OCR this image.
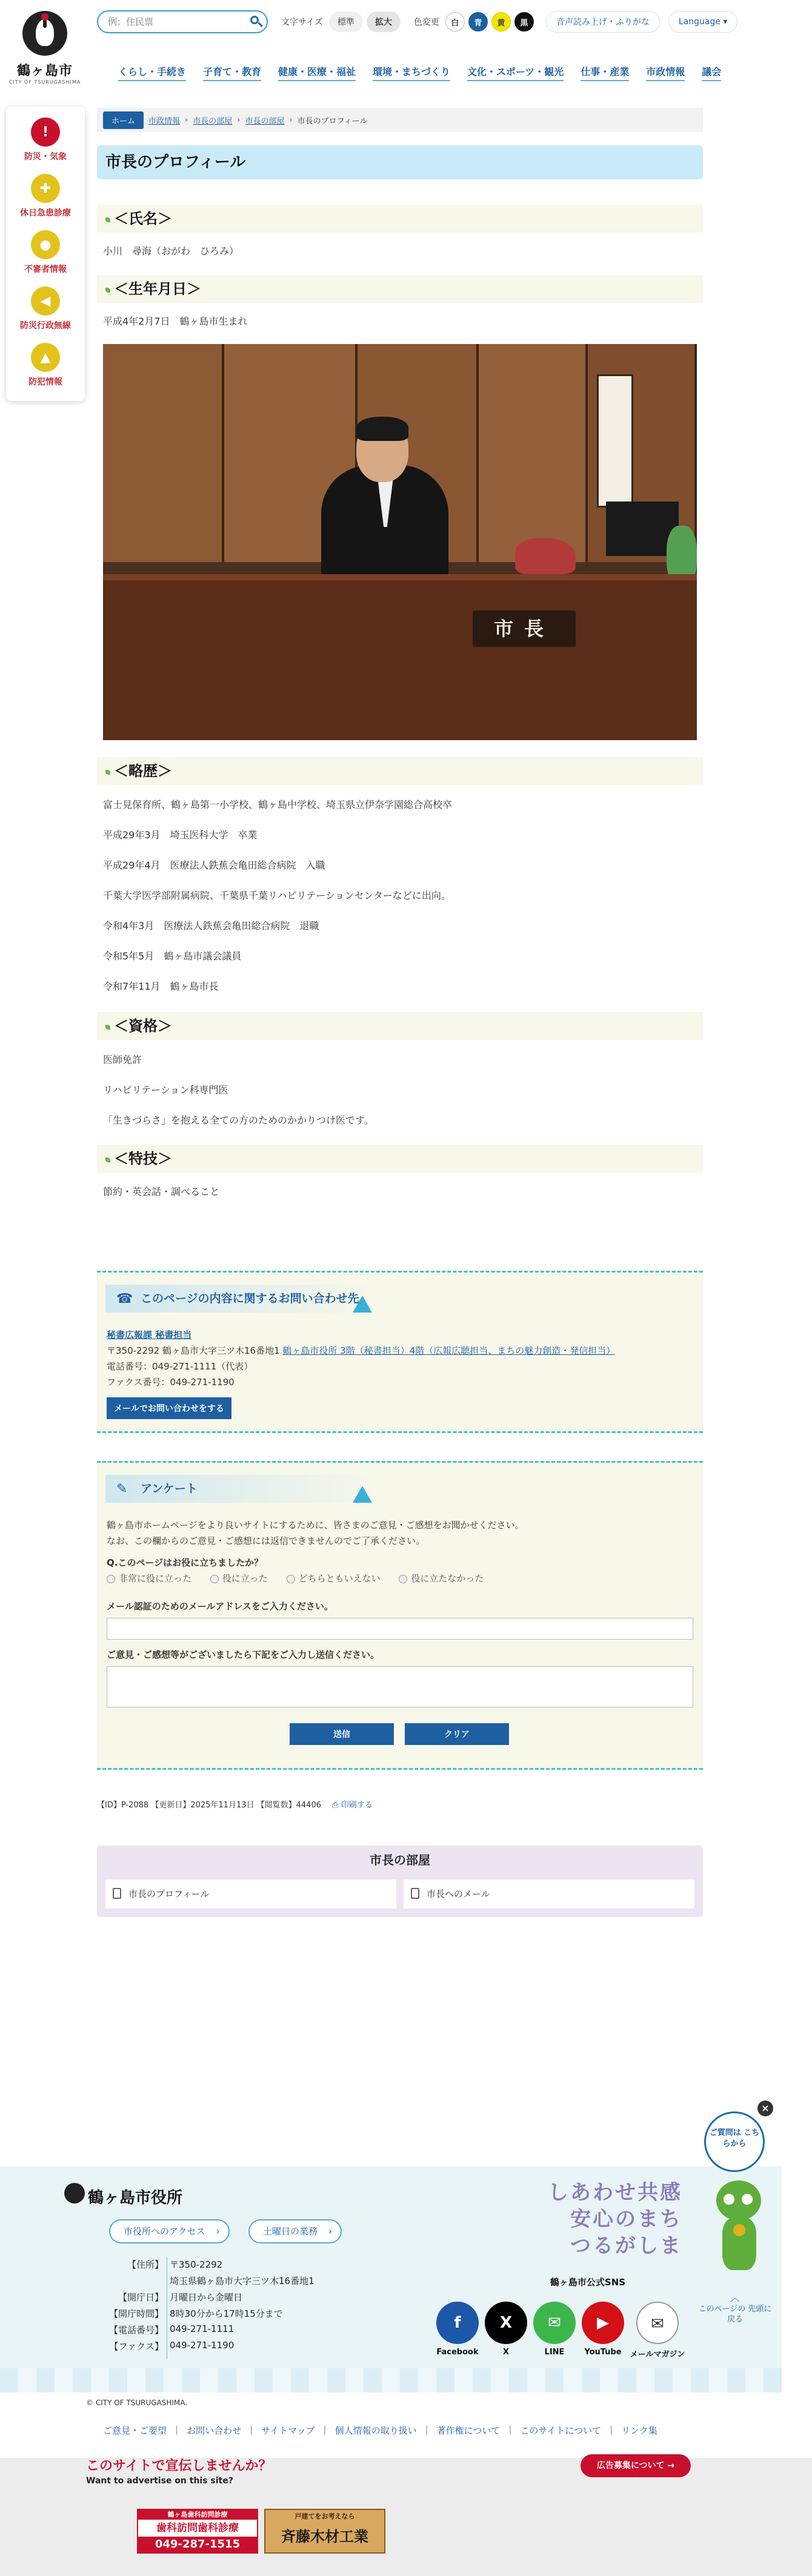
鶴ヶ島市
CITY OF TSURUGASHIMA
例：住民票
文字サイズ	標準	拡大	色変更	白	青	黄	黒	音声読み上げ・ふりがな	Language ▾
くらし・手続き 子育て・教育 健康・医療・福祉 環境・まちづくり 文化・スポーツ・観光 仕事・産業 市政情報 議会
!
防災・気象
✚
休日急患診療
●
不審者情報
◀
防災行政無線
▲
防犯情報
ホーム	市政情報 › 市長の部屋 › 市長の部屋 › 市長のプロフィール
市長のプロフィール
＜氏名＞
小川　尋海（おがわ　ひろみ）
＜生年月日＞
平成4年2月7日　鶴ヶ島市生まれ
市長
＜略歴＞
富士見保育所、鶴ヶ島第一小学校、鶴ヶ島中学校、埼玉県立伊奈学園総合高校卒
平成29年3月　埼玉医科大学　卒業
平成29年4月　医療法人鉄蕉会亀田総合病院　入職
千葉大学医学部附属病院、千葉県千葉リハビリテーションセンターなどに出向。
令和4年3月　医療法人鉄蕉会亀田総合病院　退職
令和5年5月　鶴ヶ島市議会議員
令和7年11月　鶴ヶ島市長
＜資格＞
医師免許
リハビリテーション科専門医
「生きづらさ」を抱える全ての方のためのかかりつけ医です。
＜特技＞
節約・英会話・調べること
☎ このページの内容に関するお問い合わせ先
秘書広報課 秘書担当
〒350-2292 鶴ヶ島市大字三ツ木16番地1 鶴ヶ島市役所 3階（秘書担当）4階（広報広聴担当、まちの魅力創造・発信担当）
電話番号：049-271-1111（代表）
ファクス番号：049-271-1190
メールでお問い合わせをする
✎ アンケート
鶴ヶ島市ホームページをより良いサイトにするために、皆さまのご意見・ご感想をお聞かせください。
なお、この欄からのご意見・ご感想には返信できませんのでご了承ください。
Q.このページはお役に立ちましたか？
非常に役に立った	役に立った	どちらともいえない	役に立たなかった
メール認証のためのメールアドレスをご入力ください。
ご意見・ご感想等がございましたら下記をご入力し送信ください。
送信	クリア
【ID】P-2088 【更新日】2025年11月13日 【閲覧数】44406 ⎙ 印刷する
市長の部屋
市長のプロフィール	市長へのメール
鶴ヶ島市役所
市役所へのアクセス ›	土曜日の業務 ›
【住所】 〒350-2292
埼玉県鶴ヶ島市大字三ツ木16番地1
【開庁日】 月曜日から金曜日
【開庁時間】 8時30分から17時15分まで
【電話番号】 049-271-1111
【ファクス】 049-271-1190
しあわせ共感
安心のまち
つるがしま
鶴ヶ島市公式SNS
f
Facebook
X
X
✉
LINE
▶
YouTube
✉
メールマガジン
ご質問は こちらから
×
︿
このページの 先頭に戻る
© CITY OF TSURUGASHIMA.
ご意見・ご要望 | お問い合わせ | サイトマップ | 個人情報の取り扱い | 著作権について | このサイトについて | リンク集
このサイトで宣伝しませんか？
Want to advertise on this site?
広告募集について →
鶴ヶ島歯科訪問診療
歯科訪問歯科診療
049-287-1515
戸建てをお考えなら
斉藤木材工業
